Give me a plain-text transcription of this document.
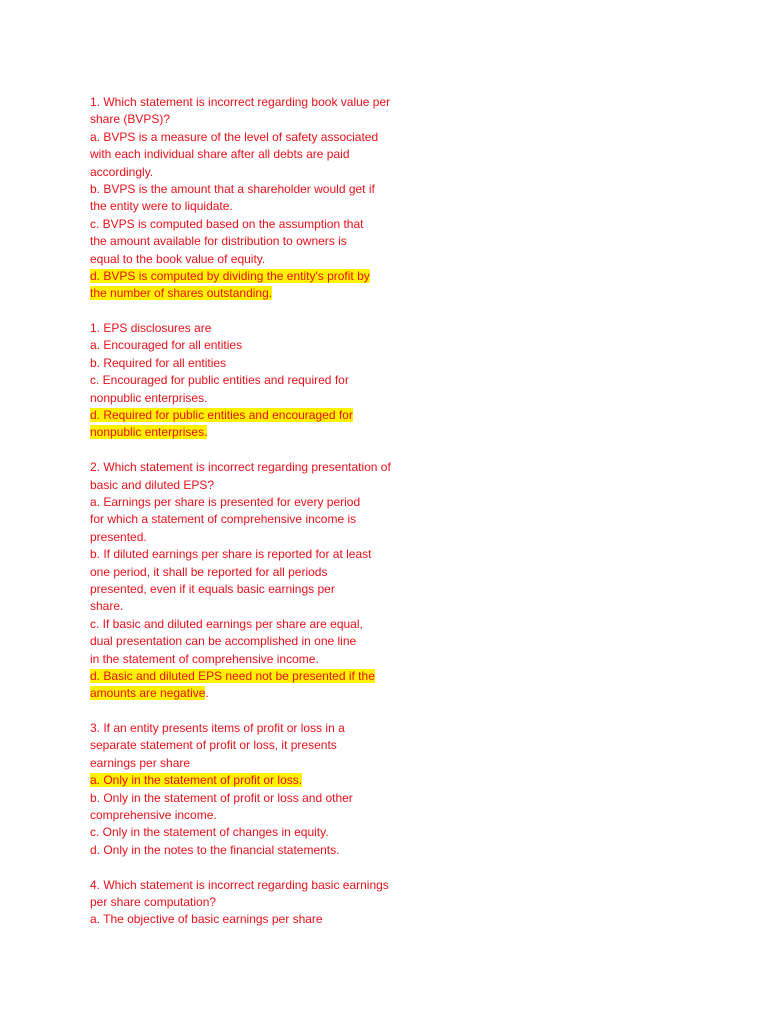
1. Which statement is incorrect regarding book value per
share (BVPS)?
a. BVPS is a measure of the level of safety associated
with each individual share after all debts are paid
accordingly.
b. BVPS is the amount that a shareholder would get if
the entity were to liquidate.
c. BVPS is computed based on the assumption that
the amount available for distribution to owners is
equal to the book value of equity.
d. BVPS is computed by dividing the entity's profit by
the number of shares outstanding.
1. EPS disclosures are
a. Encouraged for all entities
b. Required for all entities
c. Encouraged for public entities and required for
nonpublic enterprises.
d. Required for public entities and encouraged for
nonpublic enterprises.
2. Which statement is incorrect regarding presentation of
basic and diluted EPS?
a. Earnings per share is presented for every period
for which a statement of comprehensive income is
presented.
b. If diluted earnings per share is reported for at least
one period, it shall be reported for all periods
presented, even if it equals basic earnings per
share.
c. If basic and diluted earnings per share are equal,
dual presentation can be accomplished in one line
in the statement of comprehensive income.
d. Basic and diluted EPS need not be presented if the
amounts are negative.
3. If an entity presents items of profit or loss in a
separate statement of profit or loss, it presents
earnings per share
a. Only in the statement of profit or loss.
b. Only in the statement of profit or loss and other
comprehensive income.
c. Only in the statement of changes in equity.
d. Only in the notes to the financial statements.
4. Which statement is incorrect regarding basic earnings
per share computation?
a. The objective of basic earnings per share
